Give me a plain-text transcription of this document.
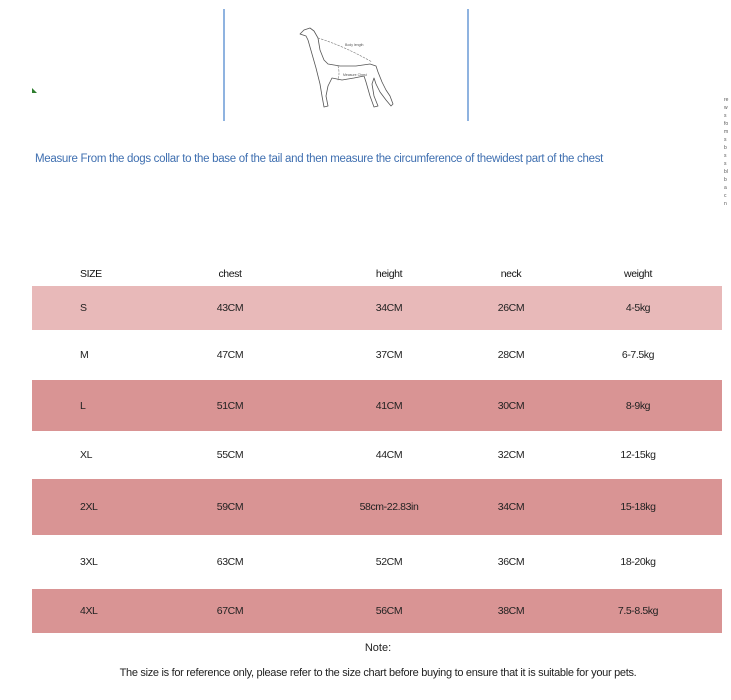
Body length
Measure Chest
Measure From the dogs collar to the base of the tail and then measure the circumference of thewidest part of the chest
re
w
s
fo
m
s
b
s
s
bl
b
a
c
n
SIZE	chest	height	neck	weight
S	43CM	34CM	26CM	4-5kg
M	47CM	37CM	28CM	6-7.5kg
L	51CM	41CM	30CM	8-9kg
XL	55CM	44CM	32CM	12-15kg
2XL	59CM	58cm-22.83in	34CM	15-18kg
3XL	63CM	52CM	36CM	18-20kg
4XL	67CM	56CM	38CM	7.5-8.5kg
Note:
The size is for reference only, please refer to the size chart before buying to ensure that it is suitable for your pets.
